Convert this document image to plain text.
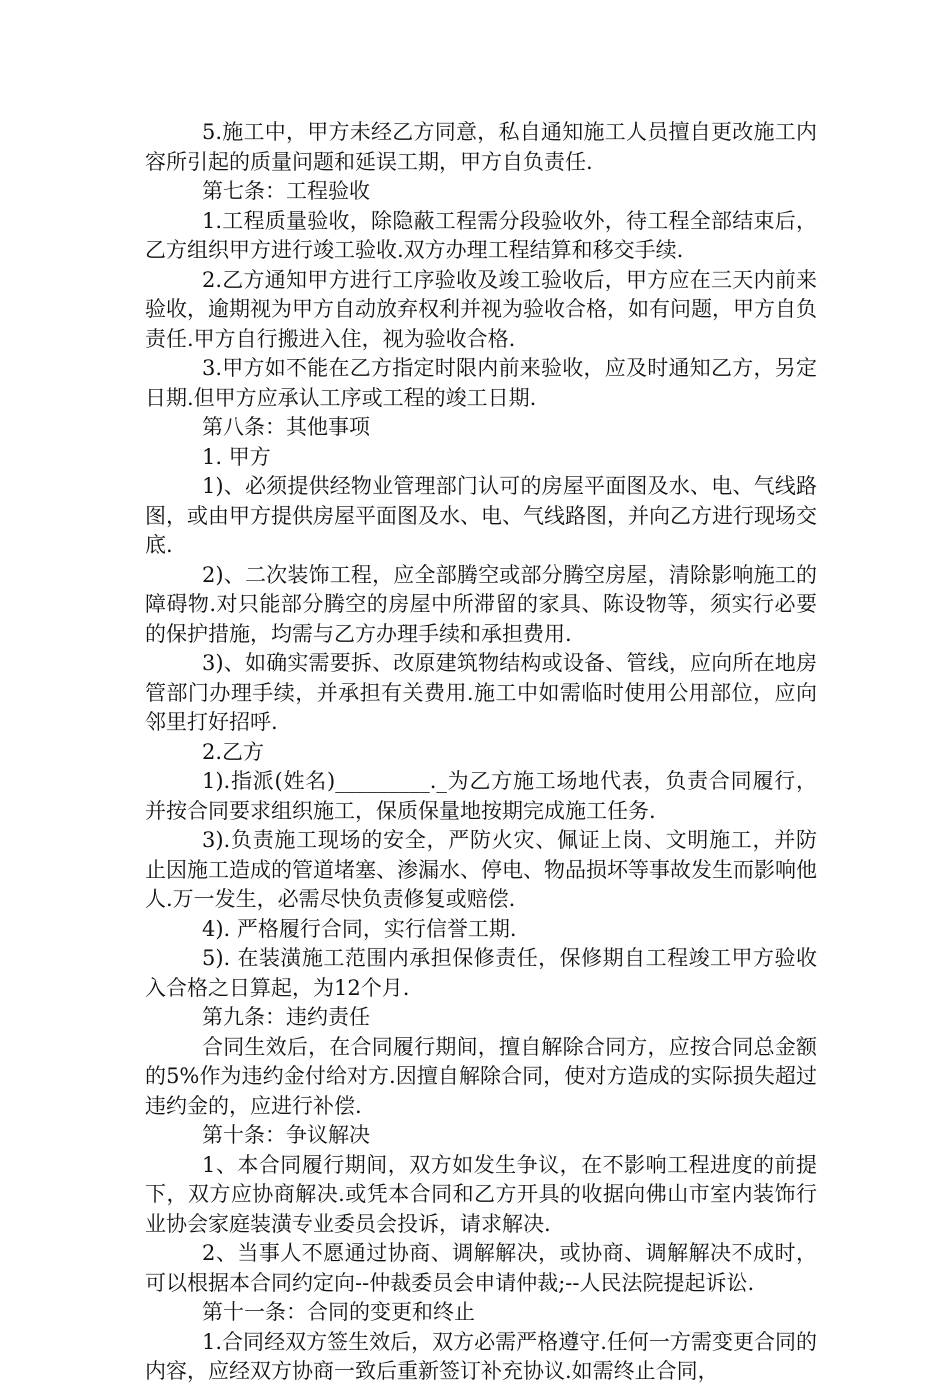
5.施工中，甲方未经乙方同意，私自通知施工人员擅自更改施工内容所引起的质量问题和延误工期，甲方自负责任.

第七条：工程验收

1.工程质量验收，除隐蔽工程需分段验收外，待工程全部结束后，乙方组织甲方进行竣工验收.双方办理工程结算和移交手续.

2.乙方通知甲方进行工序验收及竣工验收后，甲方应在三天内前来验收，逾期视为甲方自动放弃权利并视为验收合格，如有问题，甲方自负责任.甲方自行搬进入住，视为验收合格.

3.甲方如不能在乙方指定时限内前来验收，应及时通知乙方，另定日期.但甲方应承认工序或工程的竣工日期.

第八条：其他事项

1. 甲方

1)、必须提供经物业管理部门认可的房屋平面图及水、电、气线路图，或由甲方提供房屋平面图及水、电、气线路图，并向乙方进行现场交底.

2)、二次装饰工程，应全部腾空或部分腾空房屋，清除影响施工的障碍物.对只能部分腾空的房屋中所滞留的家具、陈设物等，须实行必要的保护措施，均需与乙方办理手续和承担费用.

3)、如确实需要拆、改原建筑物结构或设备、管线，应向所在地房管部门办理手续，并承担有关费用.施工中如需临时使用公用部位，应向邻里打好招呼.

2.乙方

1).指派(姓名)_________._为乙方施工场地代表，负责合同履行，并按合同要求组织施工，保质保量地按期完成施工任务.

3).负责施工现场的安全，严防火灾、佩证上岗、文明施工，并防止因施工造成的管道堵塞、渗漏水、停电、物品损坏等事故发生而影响他人.万一发生，必需尽快负责修复或赔偿.

4). 严格履行合同，实行信誉工期.

5). 在装潢施工范围内承担保修责任，保修期自工程竣工甲方验收入合格之日算起，为12个月.

第九条：违约责任

合同生效后，在合同履行期间，擅自解除合同方，应按合同总金额的5%作为违约金付给对方.因擅自解除合同，使对方造成的实际损失超过违约金的，应进行补偿.

第十条：争议解决

1、本合同履行期间，双方如发生争议，在不影响工程进度的前提下，双方应协商解决.或凭本合同和乙方开具的收据向佛山市室内装饰行业协会家庭装潢专业委员会投诉，请求解决.

2、当事人不愿通过协商、调解解决，或协商、调解解决不成时，可以根据本合同约定向--仲裁委员会申请仲裁;--人民法院提起诉讼.

第十一条：合同的变更和终止

1.合同经双方签生效后，双方必需严格遵守.任何一方需变更合同的内容，应经双方协商一致后重新签订补充协议.如需终止合同，
